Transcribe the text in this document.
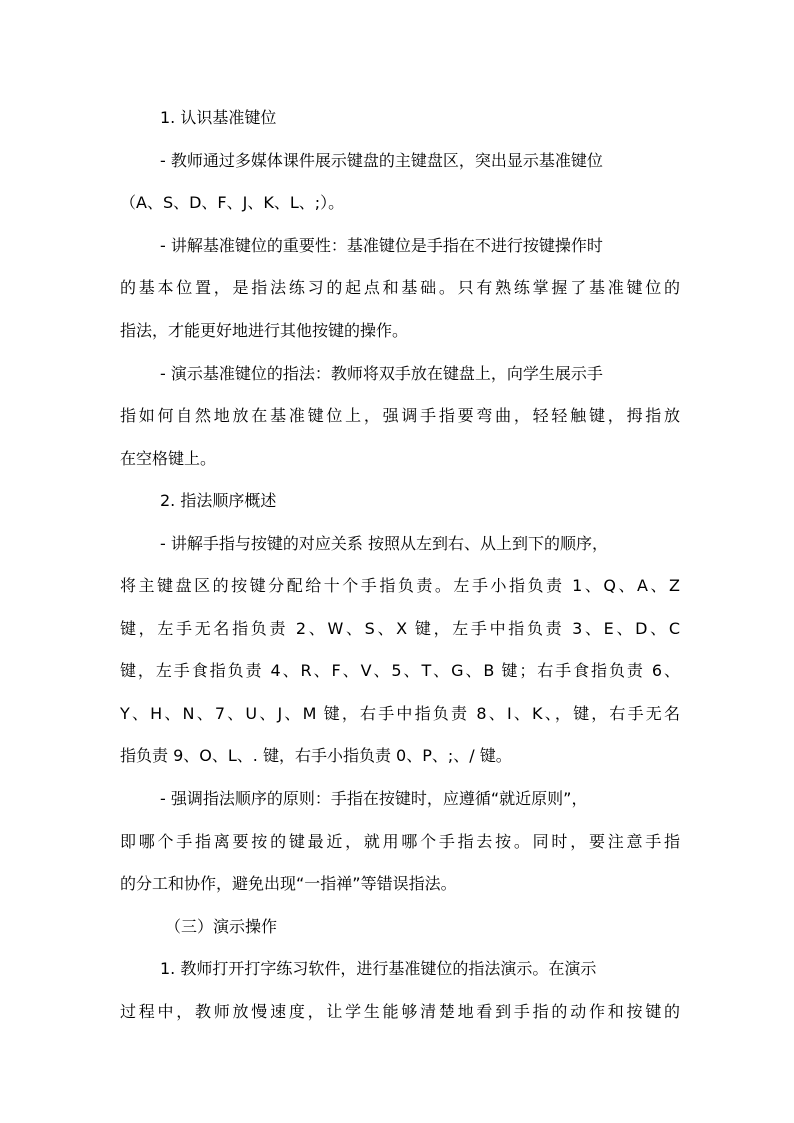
1. 认识基准键位
- 教师通过多媒体课件展示键盘的主键盘区，突出显示基准键位
（A、S、D、F、J、K、L、;）。
- 讲解基准键位的重要性：基准键位是手指在不进行按键操作时
的基本位置，是指法练习的起点和基础。只有熟练掌握了基准键位的
指法，才能更好地进行其他按键的操作。
- 演示基准键位的指法：教师将双手放在键盘上，向学生展示手
指如何自然地放在基准键位上，强调手指要弯曲，轻轻触键，拇指放
在空格键上。
2. 指法顺序概述
- 讲解手指与按键的对应关系 按照从左到右、从上到下的顺序，
将主键盘区的按键分配给十个手指负责。左手小指负责 1、Q、A、Z
键，左手无名指负责 2、W、S、X 键，左手中指负责 3、E、D、C
键，左手食指负责 4、R、F、V、5、T、G、B 键；右手食指负责 6、
Y、H、N、7、U、J、M 键，右手中指负责 8、I、K、，键，右手无名
指负责 9、O、L、. 键，右手小指负责 0、P、;、/ 键。
- 强调指法顺序的原则：手指在按键时，应遵循“就近原则”，
即哪个手指离要按的键最近，就用哪个手指去按。同时，要注意手指
的分工和协作，避免出现“一指禅”等错误指法。
（三）演示操作
1. 教师打开打字练习软件，进行基准键位的指法演示。在演示
过程中，教师放慢速度，让学生能够清楚地看到手指的动作和按键的
